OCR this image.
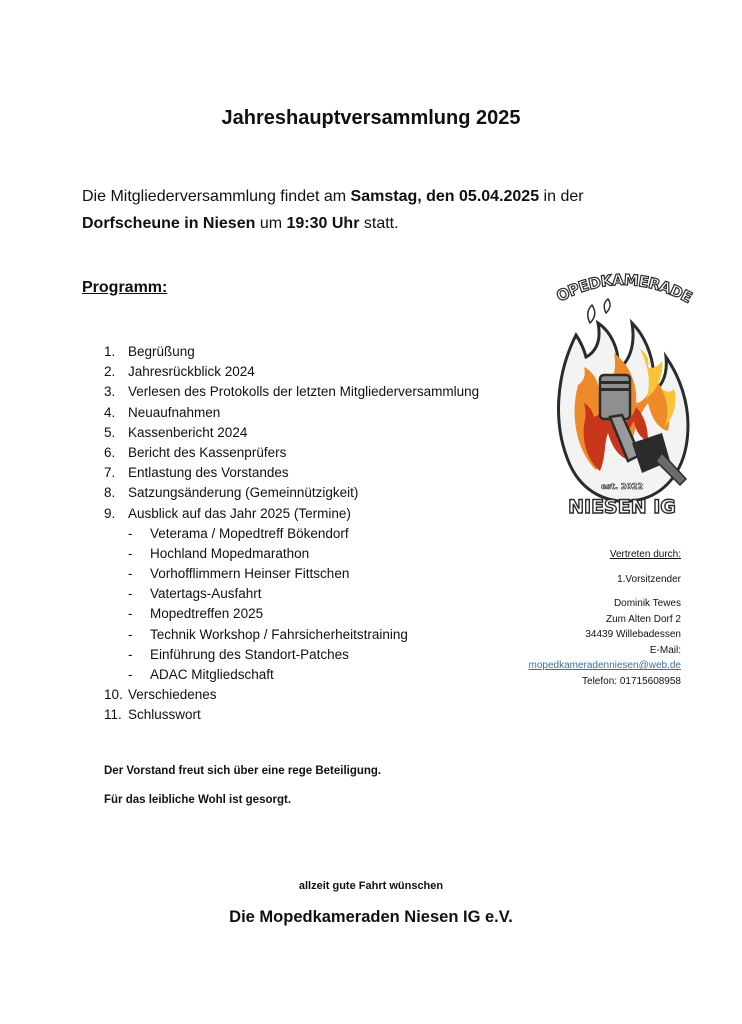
Jahreshauptversammlung 2025
Die Mitgliederversammlung findet am Samstag, den 05.04.2025 in der
Dorfscheune in Niesen um 19:30 Uhr statt.
Programm:
1. Begrüßung
2. Jahresrückblick 2024
3. Verlesen des Protokolls der letzten Mitgliederversammlung
4. Neuaufnahmen
5. Kassenbericht 2024
6. Bericht des Kassenprüfers
7. Entlastung des Vorstandes
8. Satzungsänderung (Gemeinnützigkeit)
9. Ausblick auf das Jahr 2025 (Termine)
- Veterama / Mopedtreff Bökendorf
- Hochland Mopedmarathon
- Vorhofflimmern Heinser Fittschen
- Vatertags-Ausfahrt
- Mopedtreffen 2025
- Technik Workshop / Fahrsicherheitstraining
- Einführung des Standort-Patches
- ADAC Mitgliedschaft
10. Verschiedenes
11. Schlusswort
OPEDKAMERADE
est. 2022
NIESEN IG
Vertreten durch:
1.Vorsitzender
Dominik Tewes
Zum Alten Dorf 2
34439 Willebadessen
E-Mail:
mopedkameradenniesen@web.de
Telefon: 01715608958
Der Vorstand freut sich über eine rege Beteiligung.
Für das leibliche Wohl ist gesorgt.
allzeit gute Fahrt wünschen
Die Mopedkameraden Niesen IG e.V.
